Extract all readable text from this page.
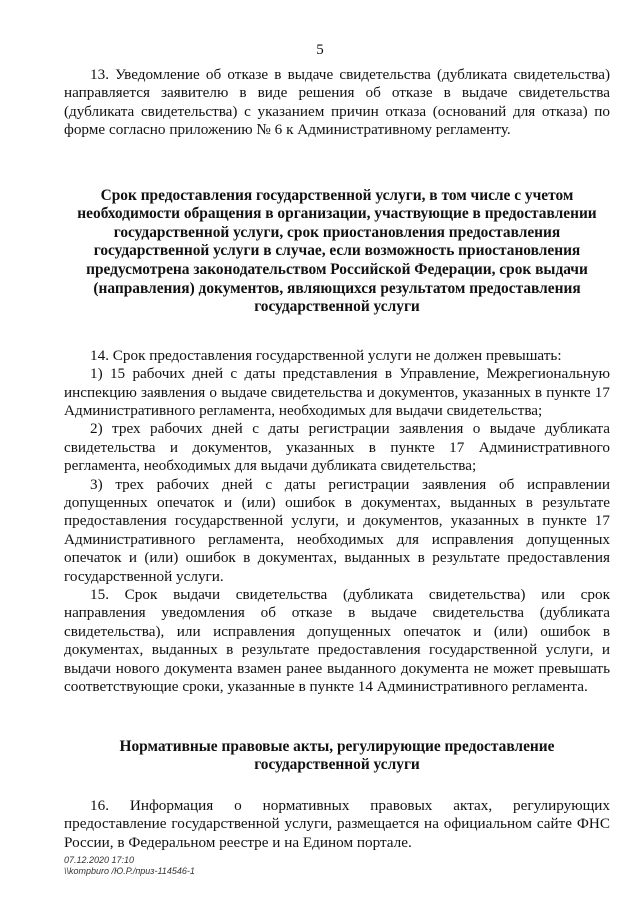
5

13. Уведомление об отказе в выдаче свидетельства (дубликата свидетельства) направляется заявителю в виде решения об отказе в выдаче свидетельства (дубликата свидетельства) с указанием причин отказа (оснований для отказа) по форме согласно приложению № 6 к Административному регламенту.

Срок предоставления государственной услуги, в том числе с учетом необходимости обращения в организации, участвующие в предоставлении государственной услуги, срок приостановления предоставления государственной услуги в случае, если возможность приостановления предусмотрена законодательством Российской Федерации, срок выдачи (направления) документов, являющихся результатом предоставления государственной услуги

14. Срок предоставления государственной услуги не должен превышать:

1) 15 рабочих дней с даты представления в Управление, Межрегиональную инспекцию заявления о выдаче свидетельства и документов, указанных в пункте 17 Административного регламента, необходимых для выдачи свидетельства;

2) трех рабочих дней с даты регистрации заявления о выдаче дубликата свидетельства и документов, указанных в пункте 17 Административного регламента, необходимых для выдачи дубликата свидетельства;

3) трех рабочих дней с даты регистрации заявления об исправлении допущенных опечаток и (или) ошибок в документах, выданных в результате предоставления государственной услуги, и документов, указанных в пункте 17 Административного регламента, необходимых для исправления допущенных опечаток и (или) ошибок в документах, выданных в результате предоставления государственной услуги.

15. Срок выдачи свидетельства (дубликата свидетельства) или срок направления уведомления об отказе в выдаче свидетельства (дубликата свидетельства), или исправления допущенных опечаток и (или) ошибок в документах, выданных в результате предоставления государственной услуги, и выдачи нового документа взамен ранее выданного документа не может превышать соответствующие сроки, указанные в пункте 14 Административного регламента.

Нормативные правовые акты, регулирующие предоставление государственной услуги

16. Информация о нормативных правовых актах, регулирующих предоставление государственной услуги, размещается на официальном сайте ФНС России, в Федеральном реестре и на Едином портале.

07.12.2020 17:10
\\kompburo /Ю.Р./приз-114546-1
